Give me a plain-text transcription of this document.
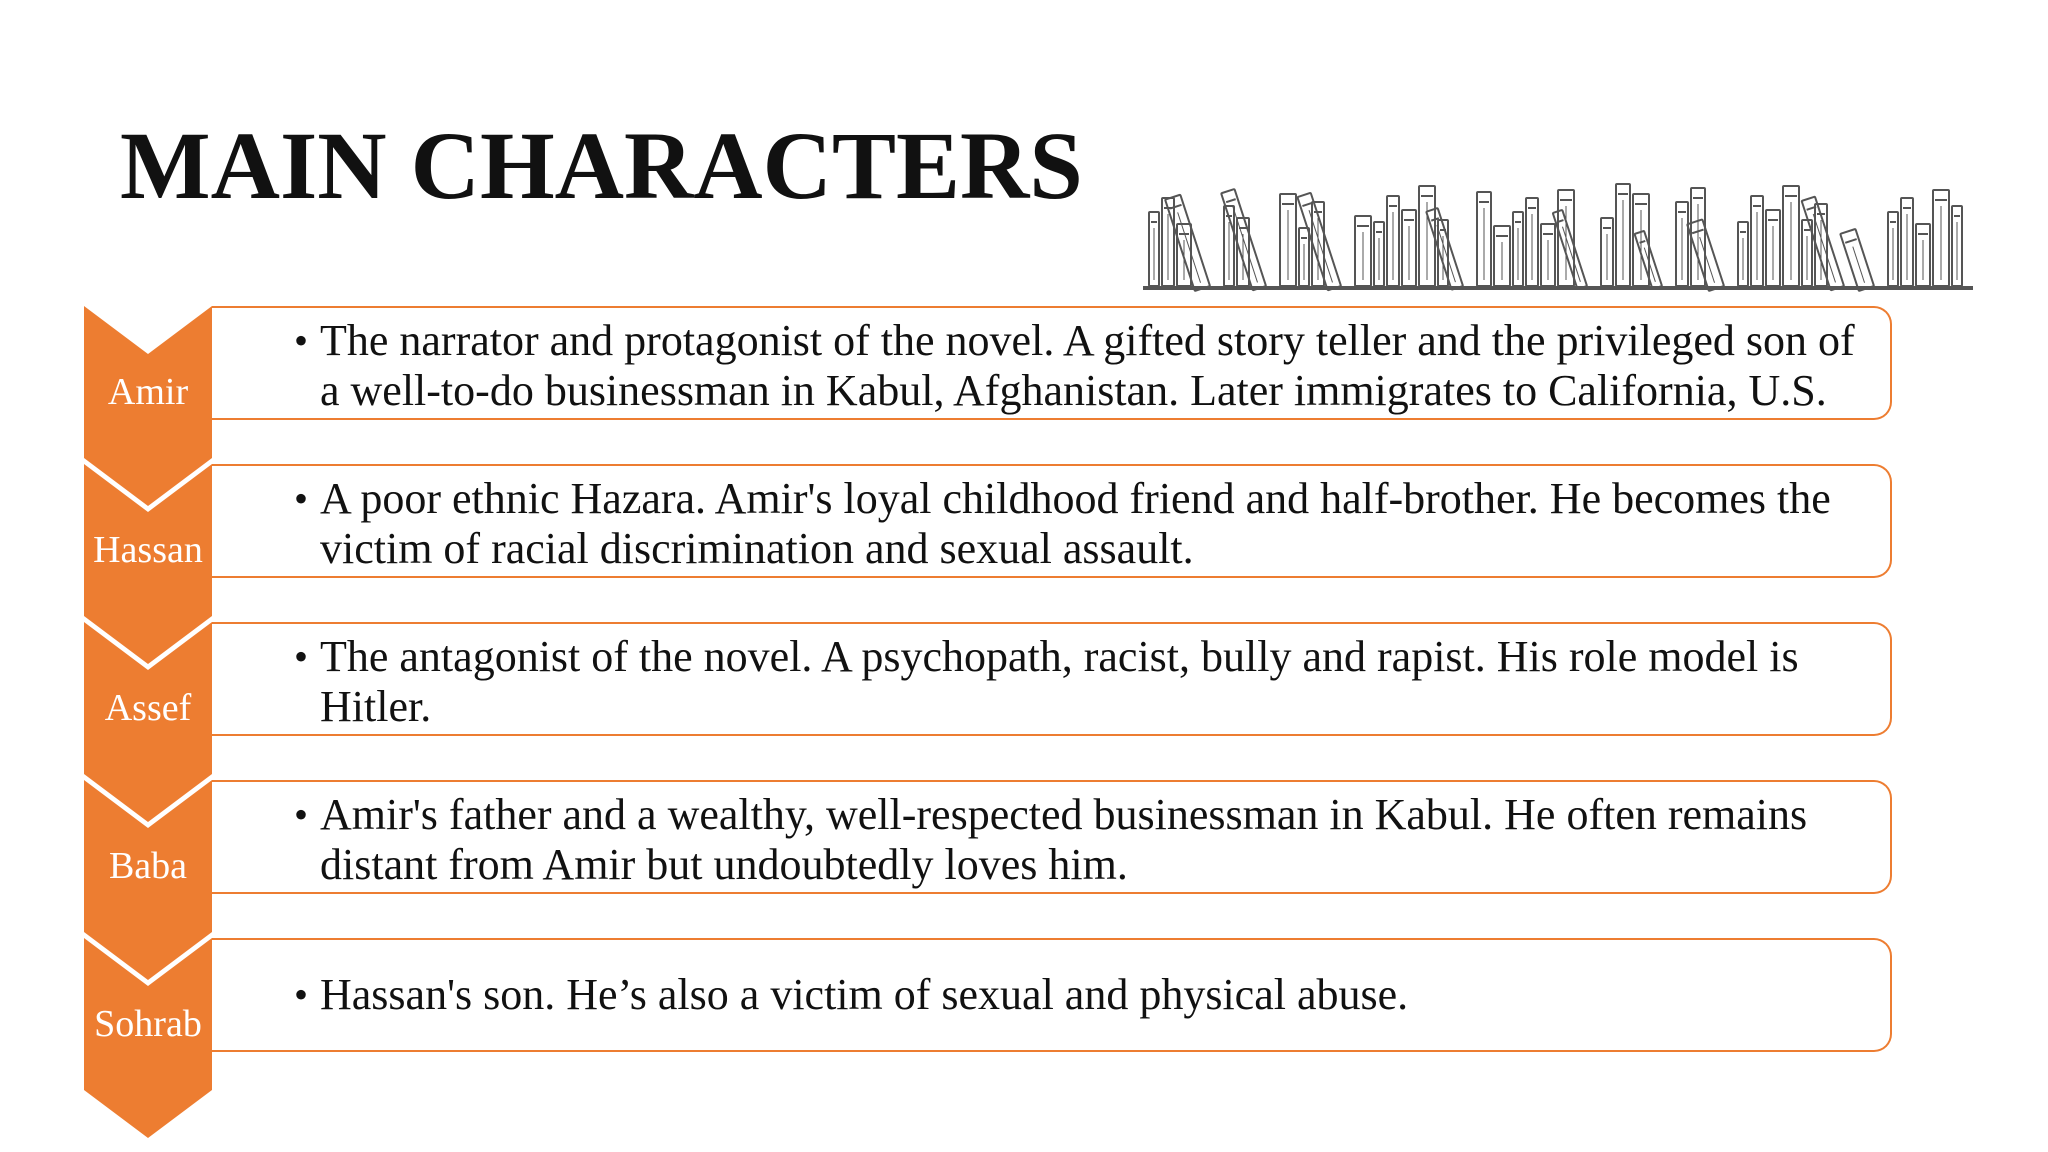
MAIN CHARACTERS
• The narrator and protagonist of the novel. A gifted story teller and the privileged son of a well-to-do businessman in Kabul, Afghanistan. Later immigrates to California, U.S.

Amir
• A poor ethnic Hazara. Amir's loyal childhood friend and half-brother. He becomes the victim of racial discrimination and sexual assault.

Hassan
• The antagonist of the novel. A psychopath, racist, bully and rapist. His role model is Hitler.

Assef
• Amir's father and a wealthy, well-respected businessman in Kabul. He often remains distant from Amir but undoubtedly loves him.

Baba
• Hassan's son. He’s also a victim of sexual and physical abuse.

Sohrab
